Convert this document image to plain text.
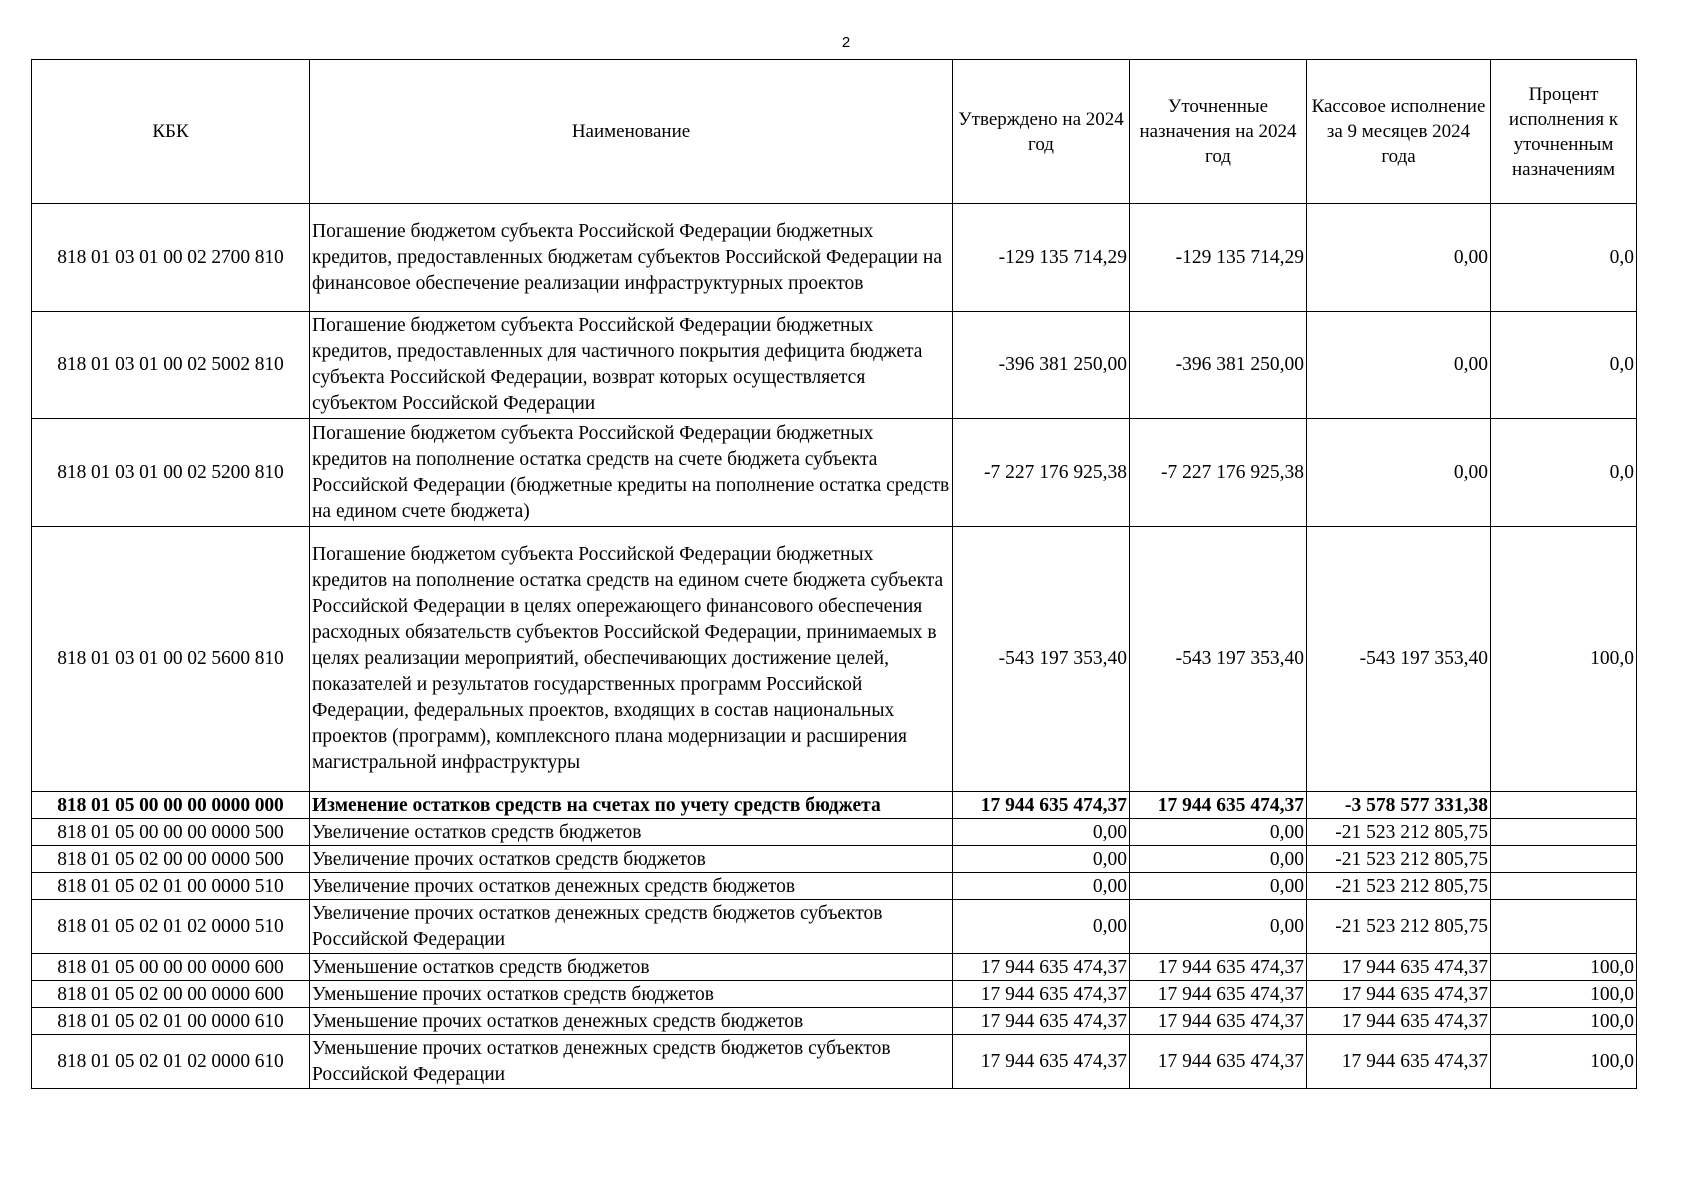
2
КБК	Наименование	Утверждено на 2024 год	Уточненные назначения на 2024 год	Кассовое исполнение за 9 месяцев 2024 года	Процент исполнения к уточненным назначениям
818 01 03 01 00 02 2700 810	Погашение бюджетом субъекта Российской Федерации бюджетных кредитов, предоставленных бюджетам субъектов Российской Федерации на финансовое обеспечение реализации инфраструктурных проектов	-129 135 714,29	-129 135 714,29	0,00	0,0
818 01 03 01 00 02 5002 810	Погашение бюджетом субъекта Российской Федерации бюджетных кредитов, предоставленных для частичного покрытия дефицита бюджета субъекта Российской Федерации, возврат которых осуществляется субъектом Российской Федерации	-396 381 250,00	-396 381 250,00	0,00	0,0
818 01 03 01 00 02 5200 810	Погашение бюджетом субъекта Российской Федерации бюджетных кредитов на пополнение остатка средств на счете бюджета субъекта Российской Федерации (бюджетные кредиты на пополнение остатка средств на едином счете бюджета)	-7 227 176 925,38	-7 227 176 925,38	0,00	0,0
818 01 03 01 00 02 5600 810	Погашение бюджетом субъекта Российской Федерации бюджетных кредитов на пополнение остатка средств на едином счете бюджета субъекта Российской Федерации в целях опережающего финансового обеспечения расходных обязательств субъектов Российской Федерации, принимаемых в целях реализации мероприятий, обеспечивающих достижение целей, показателей и результатов государственных программ Российской Федерации, федеральных проектов, входящих в состав национальных проектов (программ), комплексного плана модернизации и расширения магистральной инфраструктуры	-543 197 353,40	-543 197 353,40	-543 197 353,40	100,0
818 01 05 00 00 00 0000 000	Изменение остатков средств на счетах по учету средств бюджета	17 944 635 474,37	17 944 635 474,37	-3 578 577 331,38	
818 01 05 00 00 00 0000 500	Увеличение остатков средств бюджетов	0,00	0,00	-21 523 212 805,75	
818 01 05 02 00 00 0000 500	Увеличение прочих остатков средств бюджетов	0,00	0,00	-21 523 212 805,75	
818 01 05 02 01 00 0000 510	Увеличение прочих остатков денежных средств бюджетов	0,00	0,00	-21 523 212 805,75	
818 01 05 02 01 02 0000 510	Увеличение прочих остатков денежных средств бюджетов субъектов Российской Федерации	0,00	0,00	-21 523 212 805,75	
818 01 05 00 00 00 0000 600	Уменьшение остатков средств бюджетов	17 944 635 474,37	17 944 635 474,37	17 944 635 474,37	100,0
818 01 05 02 00 00 0000 600	Уменьшение прочих остатков средств бюджетов	17 944 635 474,37	17 944 635 474,37	17 944 635 474,37	100,0
818 01 05 02 01 00 0000 610	Уменьшение прочих остатков денежных средств бюджетов	17 944 635 474,37	17 944 635 474,37	17 944 635 474,37	100,0
818 01 05 02 01 02 0000 610	Уменьшение прочих остатков денежных средств бюджетов субъектов Российской Федерации	17 944 635 474,37	17 944 635 474,37	17 944 635 474,37	100,0
